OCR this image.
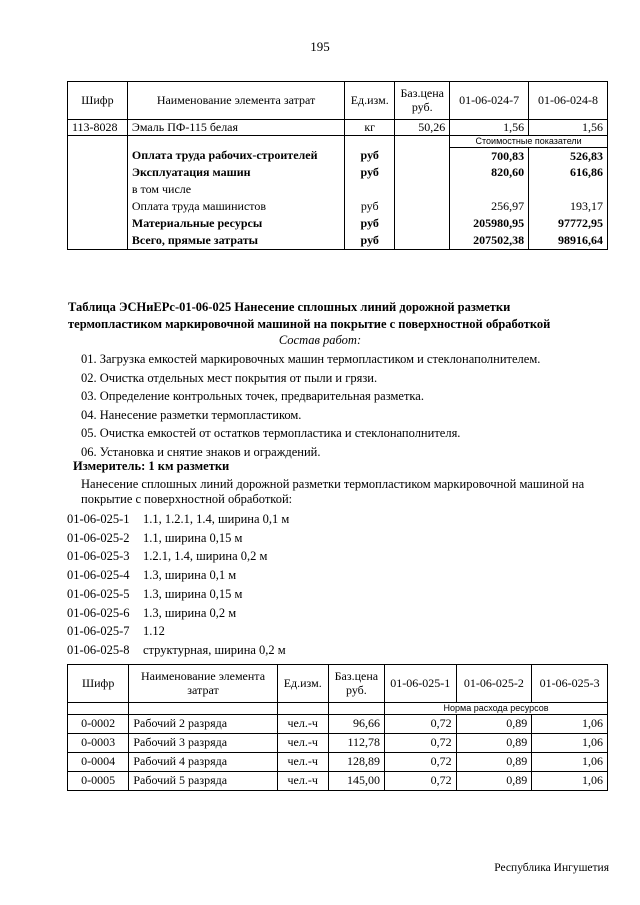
195
Шифр	Наименование элемента затрат	Ед.изм.	Баз.цена руб.	01-06-024-7	01-06-024-8
113-8028	Эмаль ПФ-115 белая	кг	50,26	1,56	1,56
				Стоимостные показатели	
	Оплата труда рабочих-строителей	руб		700,83	526,83
	Эксплуатация машин	руб		820,60	616,86
	в том числе				
	Оплата труда машинистов	руб		256,97	193,17
	Материальные ресурсы	руб		205980,95	97772,95
	Всего, прямые затраты	руб		207502,38	98916,64
Таблица ЭСНиЕРс-01-06-025 Нанесение сплошных линий дорожной разметки
термопластиком маркировочной машиной на покрытие с поверхностной обработкой
Состав работ:
01. Загрузка емкостей маркировочных машин термопластиком и стеклонаполнителем.
02. Очистка отдельных мест покрытия от пыли и грязи.
03. Определение контрольных точек, предварительная разметка.
04. Нанесение разметки термопластиком.
05. Очистка емкостей от остатков термопластика и стеклонаполнителя.
06. Установка и снятие знаков и ограждений.
Измеритель: 1 км разметки
Нанесение сплошных линий дорожной разметки термопластиком маркировочной машиной на покрытие с поверхностной обработкой:
01-06-025-1 1.1, 1.2.1, 1.4, ширина 0,1 м
01-06-025-2 1.1, ширина 0,15 м
01-06-025-3 1.2.1, 1.4, ширина 0,2 м
01-06-025-4 1.3, ширина 0,1 м
01-06-025-5 1.3, ширина 0,15 м
01-06-025-6 1.3, ширина 0,2 м
01-06-025-7 1.12
01-06-025-8 структурная, ширина 0,2 м
Шифр	Наименование элемента затрат	Ед.изм.	Баз.цена руб.	01-06-025-1	01-06-025-2	01-06-025-3
				Норма расхода ресурсов		
0-0002	Рабочий 2 разряда	чел.-ч	96,66	0,72	0,89	1,06
0-0003	Рабочий 3 разряда	чел.-ч	112,78	0,72	0,89	1,06
0-0004	Рабочий 4 разряда	чел.-ч	128,89	0,72	0,89	1,06
0-0005	Рабочий 5 разряда	чел.-ч	145,00	0,72	0,89	1,06
Республика Ингушетия
